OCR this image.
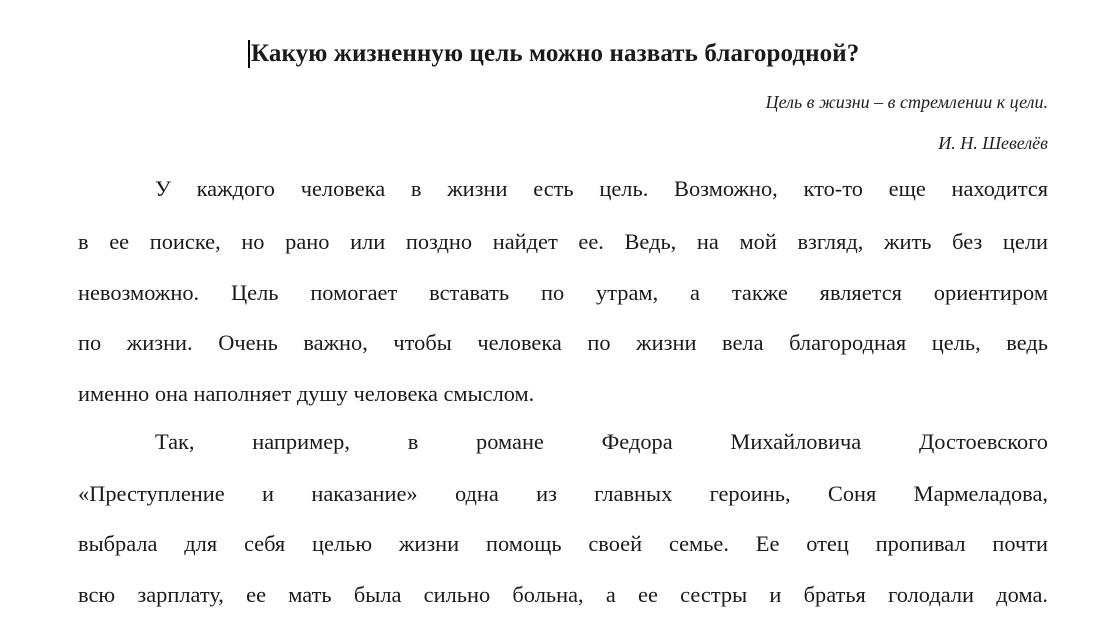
Какую жизненную цель можно назвать благородной?
Цель в жизни – в стремлении к цели.
И. Н. Шевелёв
У каждого человека в жизни есть цель. Возможно, кто-то еще находится
в ее поиске, но рано или поздно найдет ее. Ведь, на мой взгляд, жить без цели
невозможно. Цель помогает вставать по утрам, а также является ориентиром
по жизни. Очень важно, чтобы человека по жизни вела благородная цель, ведь
именно она наполняет душу человека смыслом.
Так, например, в романе Федора Михайловича Достоевского
«Преступление и наказание» одна из главных героинь, Соня Мармеладова,
выбрала для себя целью жизни помощь своей семье. Ее отец пропивал почти
всю зарплату, ее мать была сильно больна, а ее сестры и братья голодали дома.
